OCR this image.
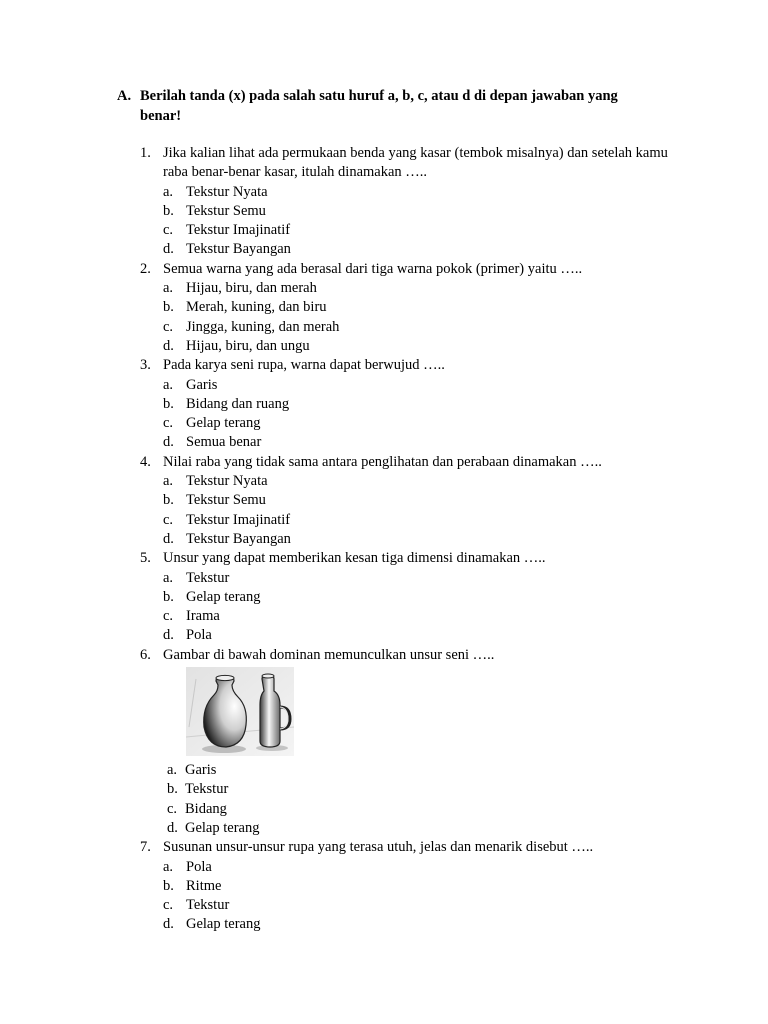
A. Berilah tanda (x) pada salah satu huruf a, b, c, atau d di depan jawaban yang benar!
1. Jika kalian lihat ada permukaan benda yang kasar (tembok misalnya) dan setelah kamu raba benar-benar kasar, itulah dinamakan …..
a. Tekstur Nyata
b. Tekstur Semu
c. Tekstur Imajinatif
d. Tekstur Bayangan
2. Semua warna yang ada berasal dari tiga warna pokok (primer) yaitu …..
a. Hijau, biru, dan merah
b. Merah, kuning, dan biru
c. Jingga, kuning, dan merah
d. Hijau, biru, dan ungu
3. Pada karya seni rupa, warna dapat berwujud …..
a. Garis
b. Bidang dan ruang
c. Gelap terang
d. Semua benar
4. Nilai raba yang tidak sama antara penglihatan dan perabaan dinamakan …..
a. Tekstur Nyata
b. Tekstur Semu
c. Tekstur Imajinatif
d. Tekstur Bayangan
5. Unsur yang dapat memberikan kesan tiga dimensi dinamakan …..
a. Tekstur
b. Gelap terang
c. Irama
d. Pola
6. Gambar di bawah dominan memunculkan unsur seni …..
a. Garis
b. Tekstur
c. Bidang
d. Gelap terang
7. Susunan unsur-unsur rupa yang terasa utuh, jelas dan menarik disebut …..
a. Pola
b. Ritme
c. Tekstur
d. Gelap terang
